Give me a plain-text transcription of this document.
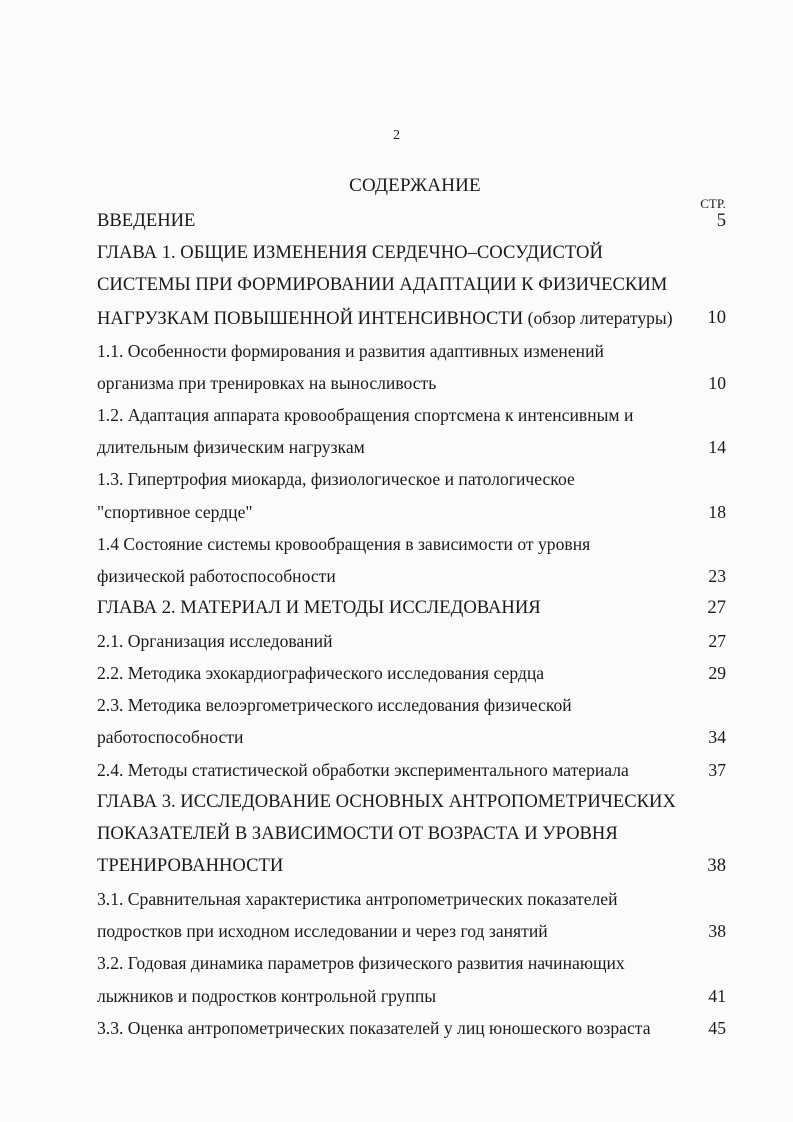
2
СОДЕРЖАНИЕ
СТР.
ВВЕДЕНИЕ	5
ГЛАВА 1. ОБЩИЕ ИЗМЕНЕНИЯ СЕРДЕЧНО–СОСУДИСТОЙ
СИСТЕМЫ ПРИ ФОРМИРОВАНИИ АДАПТАЦИИ К ФИЗИЧЕСКИМ
НАГРУЗКАМ ПОВЫШЕННОЙ ИНТЕНСИВНОСТИ (обзор литературы) 10
1.1. Особенности формирования и развития адаптивных изменений
организма при тренировках на выносливость	10
1.2. Адаптация аппарата кровообращения спортсмена к интенсивным и
длительным физическим нагрузкам	14
1.3. Гипертрофия миокарда, физиологическое и патологическое
"спортивное сердце"	18
1.4 Состояние системы кровообращения в зависимости от уровня
физической работоспособности	23
ГЛАВА 2. МАТЕРИАЛ И МЕТОДЫ ИССЛЕДОВАНИЯ	27
2.1. Организация исследований	27
2.2. Методика эхокардиографического исследования сердца	29
2.3. Методика велоэргометрического исследования физической
работоспособности	34
2.4. Методы статистической обработки экспериментального материала	37
ГЛАВА 3. ИССЛЕДОВАНИЕ ОСНОВНЫХ АНТРОПОМЕТРИЧЕСКИХ
ПОКАЗАТЕЛЕЙ В ЗАВИСИМОСТИ ОТ ВОЗРАСТА И УРОВНЯ
ТРЕНИРОВАННОСТИ	38
3.1. Сравнительная характеристика антропометрических показателей
подростков при исходном исследовании и через год занятий	38
3.2. Годовая динамика параметров физического развития начинающих
лыжников и подростков контрольной группы	41
3.3. Оценка антропометрических показателей у лиц юношеского возраста	45
